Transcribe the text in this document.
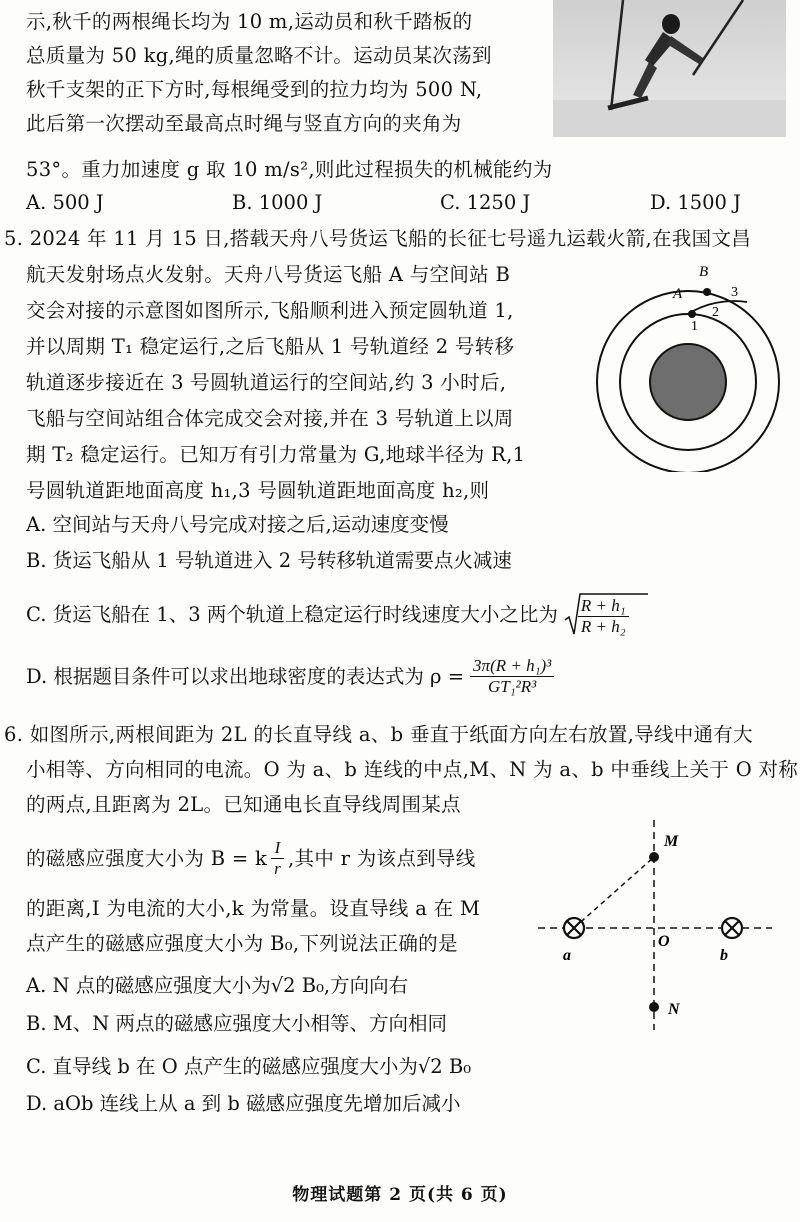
示,秋千的两根绳长均为 10 m,运动员和秋千踏板的
总质量为 50 kg,绳的质量忽略不计。运动员某次荡到
秋千支架的正下方时,每根绳受到的拉力均为 500 N,
此后第一次摆动至最高点时绳与竖直方向的夹角为
53°。重力加速度 g 取 10 m/s²,则此过程损失的机械能约为
A. 500 J	B. 1000 J	C. 1250 J	D. 1500 J
5. 2024 年 11 月 15 日,搭载天舟八号货运飞船的长征七号遥九运载火箭,在我国文昌
航天发射场点火发射。天舟八号货运飞船 A 与空间站 B
交会对接的示意图如图所示,飞船顺利进入预定圆轨道 1,
并以周期 T₁ 稳定运行,之后飞船从 1 号轨道经 2 号转移
轨道逐步接近在 3 号圆轨道运行的空间站,约 3 小时后,
飞船与空间站组合体完成交会对接,并在 3 号轨道上以周
期 T₂ 稳定运行。已知万有引力常量为 G,地球半径为 R,1
号圆轨道距地面高度 h₁,3 号圆轨道距地面高度 h₂,则
A
B
1
2
3
A. 空间站与天舟八号完成对接之后,运动速度变慢
B. 货运飞船从 1 号轨道进入 2 号转移轨道需要点火减速
C. 货运飞船在 1、3 两个轨道上稳定运行时线速度大小之比为 $\frac{\text{R + h₁}}{\text{R + h₂}}$
D. 根据题目条件可以求出地球密度的表达式为 $\rho = \frac{\text{3π(R + h₁)³}}{\text{GT₁²R³}}$
6. 如图所示,两根间距为 2L 的长直导线 a、b 垂直于纸面方向左右放置,导线中通有大
小相等、方向相同的电流。O 为 a、b 连线的中点,M、N 为 a、b 中垂线上关于 O 对称
的两点,且距离为 2L。已知通电长直导线周围某点
的磁感应强度大小为 B = k $\frac{I}{r}$ ,其中 r 为该点到导线
的距离,I 为电流的大小,k 为常量。设直导线 a 在 M
点产生的磁感应强度大小为 B₀,下列说法正确的是
A. N 点的磁感应强度大小为√2 B₀,方向向右
B. M、N 两点的磁感应强度大小相等、方向相同
C. 直导线 b 在 O 点产生的磁感应强度大小为√2 B₀
D. aOb 连线上从 a 到 b 磁感应强度先增加后减小
M
N
O
a	b
物理试题第 2 页(共 6 页)
